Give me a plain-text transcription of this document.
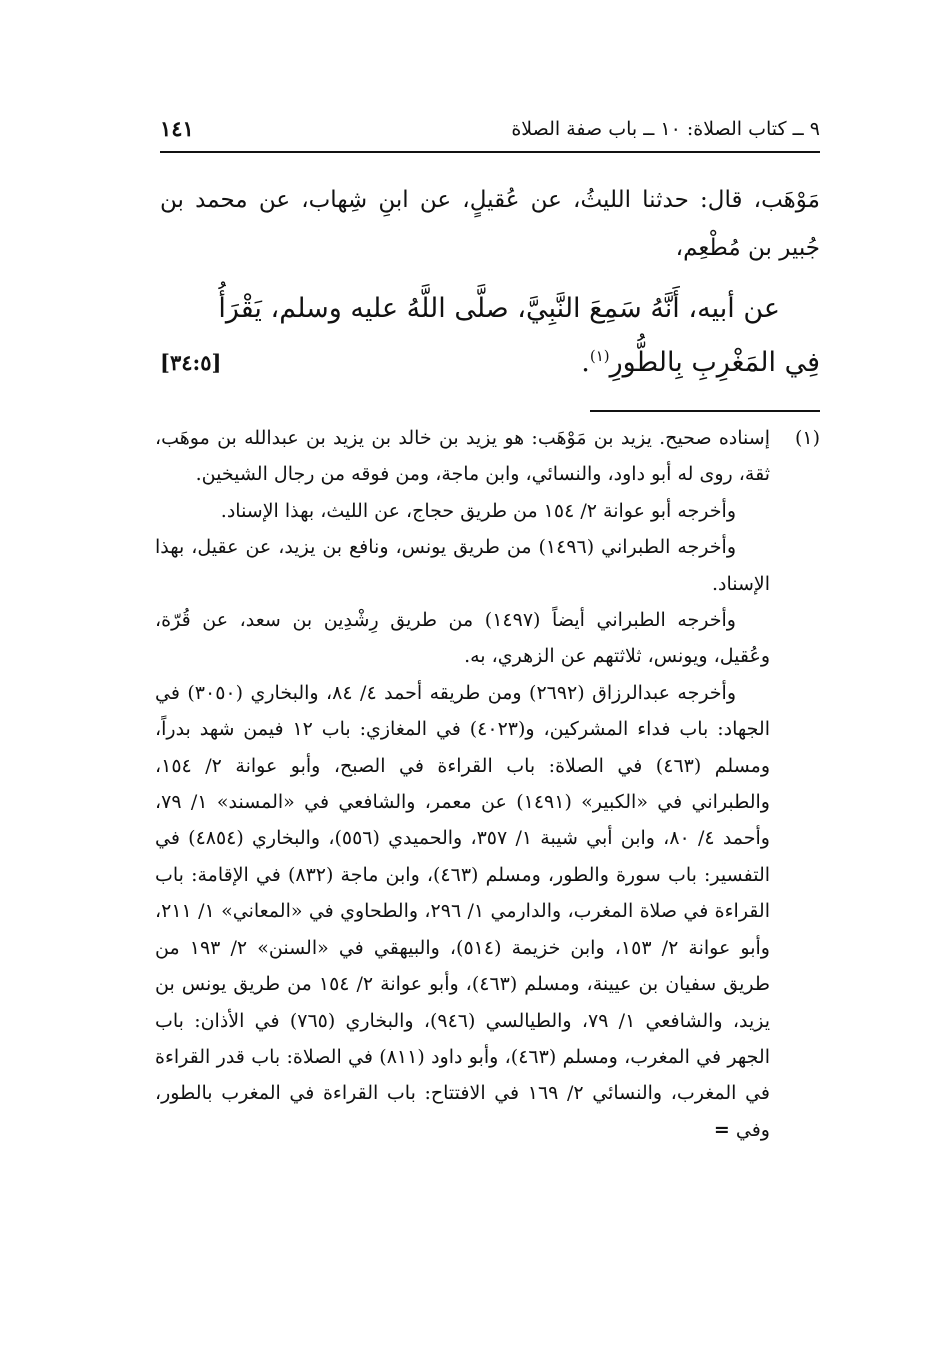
٩ ــ كتاب الصلاة: ١٠ ــ باب صفة الصلاة
١٤١
مَوْهَب، قال: حدثنا الليثُ، عن عُقيلٍ، عن ابنِ شِهاب، عن محمد بن جُبير بن مُطْعِم،
عن أبيه، أَنَّهُ سَمِعَ النَّبِيَّ، صلَّى اللَّهُ عليه وسلم، يَقْرَأُ
فِي المَغْرِبِ بِالطُّورِ$^{(١)}$.
[٣٤:٥]
(١)
إسناده صحيح. يزيد بن مَوْهَب: هو يزيد بن خالد بن يزيد بن عبدالله بن موهَب، ثقة، روى له أبو داود، والنسائي، وابن ماجة، ومن فوقه من رجال الشيخين.
وأخرجه أبو عوانة ٢/ ١٥٤ من طريق حجاج، عن الليث، بهذا الإسناد.
وأخرجه الطبراني (١٤٩٦) من طريق يونس، ونافع بن يزيد، عن عقيل، بهذا الإسناد.
وأخرجه الطبراني أيضاً (١٤٩٧) من طريق رِشْدِين بن سعد، عن قُرّة، وعُقيل، ويونس، ثلاثتهم عن الزهري، به.
وأخرجه عبدالرزاق (٢٦٩٢) ومن طريقه أحمد ٤/ ٨٤، والبخاري (٣٠٥٠) في الجهاد: باب فداء المشركين، و(٤٠٢٣) في المغازي: باب ١٢ فيمن شهد بدراً، ومسلم (٤٦٣) في الصلاة: باب القراءة في الصبح، وأبو عوانة ٢/ ١٥٤، والطبراني في «الكبير» (١٤٩١) عن معمر، والشافعي في «المسند» ١/ ٧٩، وأحمد ٤/ ٨٠، وابن أبي شيبة ١/ ٣٥٧، والحميدي (٥٥٦)، والبخاري (٤٨٥٤) في التفسير: باب سورة والطور، ومسلم (٤٦٣)، وابن ماجة (٨٣٢) في الإقامة: باب القراءة في صلاة المغرب، والدارمي ١/ ٢٩٦، والطحاوي في «المعاني» ١/ ٢١١، وأبو عوانة ٢/ ١٥٣، وابن خزيمة (٥١٤)، والبيهقي في «السنن» ٢/ ١٩٣ من طريق سفيان بن عيينة، ومسلم (٤٦٣)، وأبو عوانة ٢/ ١٥٤ من طريق يونس بن يزيد، والشافعي ١/ ٧٩، والطيالسي (٩٤٦)، والبخاري (٧٦٥) في الأذان: باب الجهر في المغرب، ومسلم (٤٦٣)، وأبو داود (٨١١) في الصلاة: باب قدر القراءة في المغرب، والنسائي ٢/ ١٦٩ في الافتتاح: باب القراءة في المغرب بالطور، وفي =
